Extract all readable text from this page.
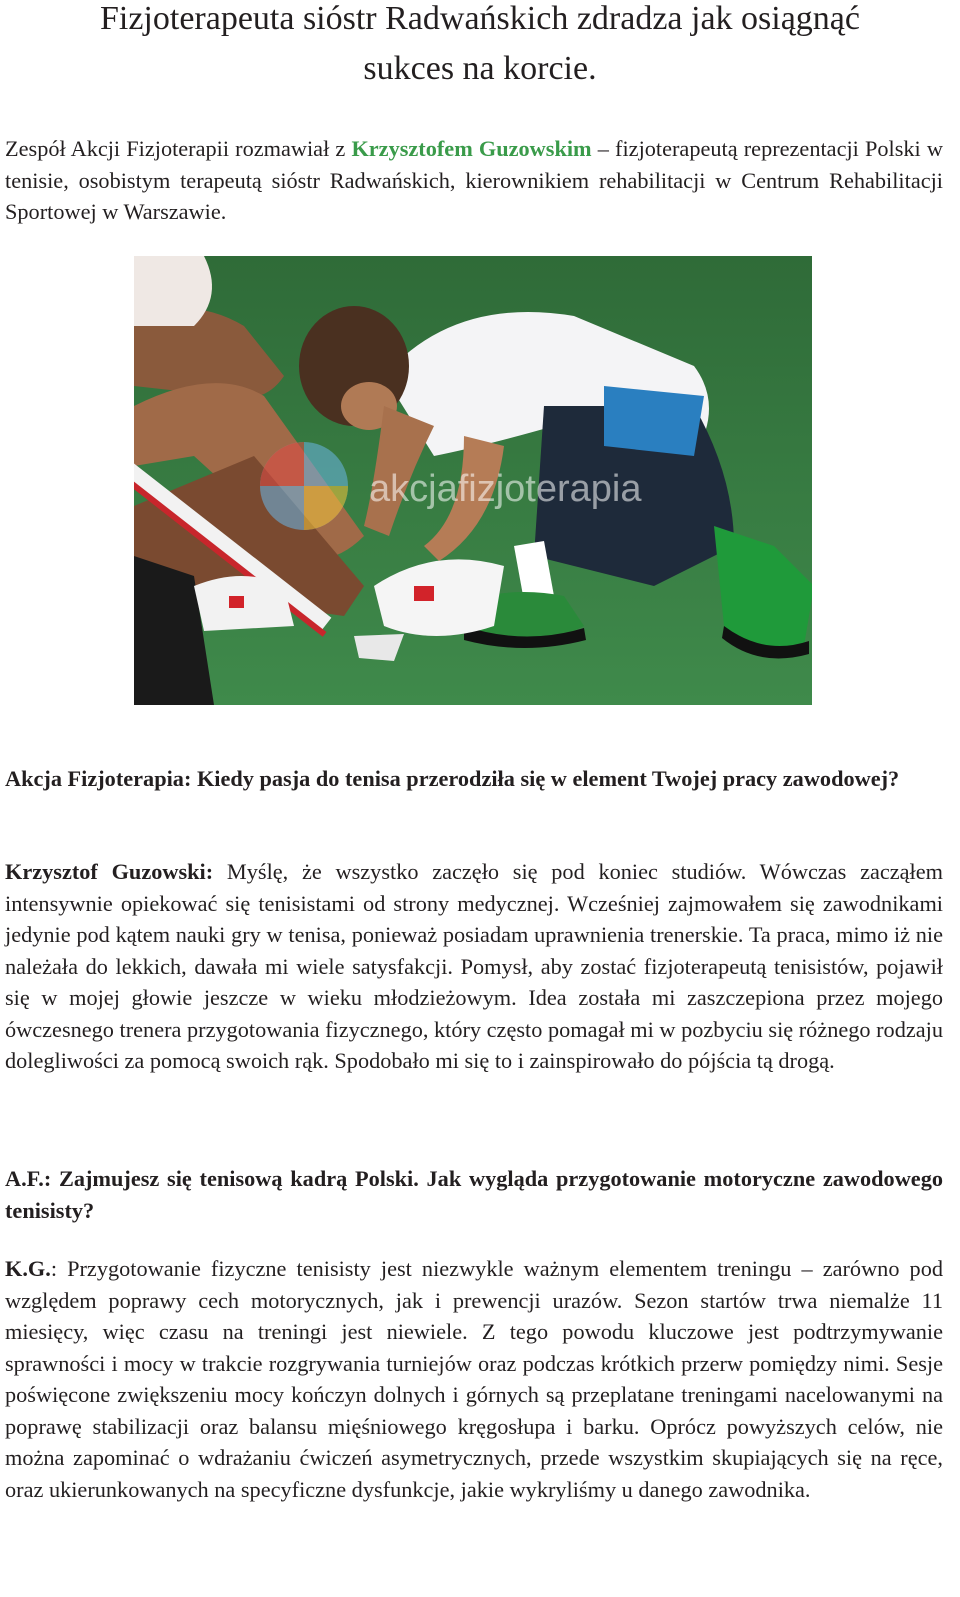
Fizjoterapeuta sióstr Radwańskich zdradza jak osiągnąć
sukces na korcie.

Zespół Akcji Fizjoterapii rozmawiał z Krzysztofem Guzowskim – fizjoterapeutą reprezentacji Polski w tenisie, osobistym terapeutą sióstr Radwańskich, kierownikiem rehabilitacji w Centrum Rehabilitacji Sportowej w Warszawie.

akcjafizjoterapia

Akcja Fizjoterapia: Kiedy pasja do tenisa przerodziła się w element Twojej pracy zawodowej?

Krzysztof Guzowski: Myślę, że wszystko zaczęło się pod koniec studiów. Wówczas zacząłem intensywnie opiekować się tenisistami od strony medycznej. Wcześniej zajmowałem się zawodnikami jedynie pod kątem nauki gry w tenisa, ponieważ posiadam uprawnienia trenerskie. Ta praca, mimo iż nie należała do lekkich, dawała mi wiele satysfakcji. Pomysł, aby zostać fizjoterapeutą tenisistów, pojawił się w mojej głowie jeszcze w wieku młodzieżowym. Idea została mi zaszczepiona przez mojego ówczesnego trenera przygotowania fizycznego, który często pomagał mi w pozbyciu się różnego rodzaju dolegliwości za pomocą swoich rąk. Spodobało mi się to i zainspirowało do pójścia tą drogą.

A.F.: Zajmujesz się tenisową kadrą Polski. Jak wygląda przygotowanie motoryczne zawodowego tenisisty?

K.G.: Przygotowanie fizyczne tenisisty jest niezwykle ważnym elementem treningu – zarówno pod względem poprawy cech motorycznych, jak i prewencji urazów. Sezon startów trwa niemalże 11 miesięcy, więc czasu na treningi jest niewiele. Z tego powodu kluczowe jest podtrzymywanie sprawności i mocy w trakcie rozgrywania turniejów oraz podczas krótkich przerw pomiędzy nimi. Sesje poświęcone zwiększeniu mocy kończyn dolnych i górnych są przeplatane treningami nacelowanymi na poprawę stabilizacji oraz balansu mięśniowego kręgosłupa i barku. Oprócz powyższych celów, nie można zapominać o wdrażaniu ćwiczeń asymetrycznych, przede wszystkim skupiających się na ręce, oraz ukierunkowanych na specyficzne dysfunkcje, jakie wykryliśmy u danego zawodnika.
